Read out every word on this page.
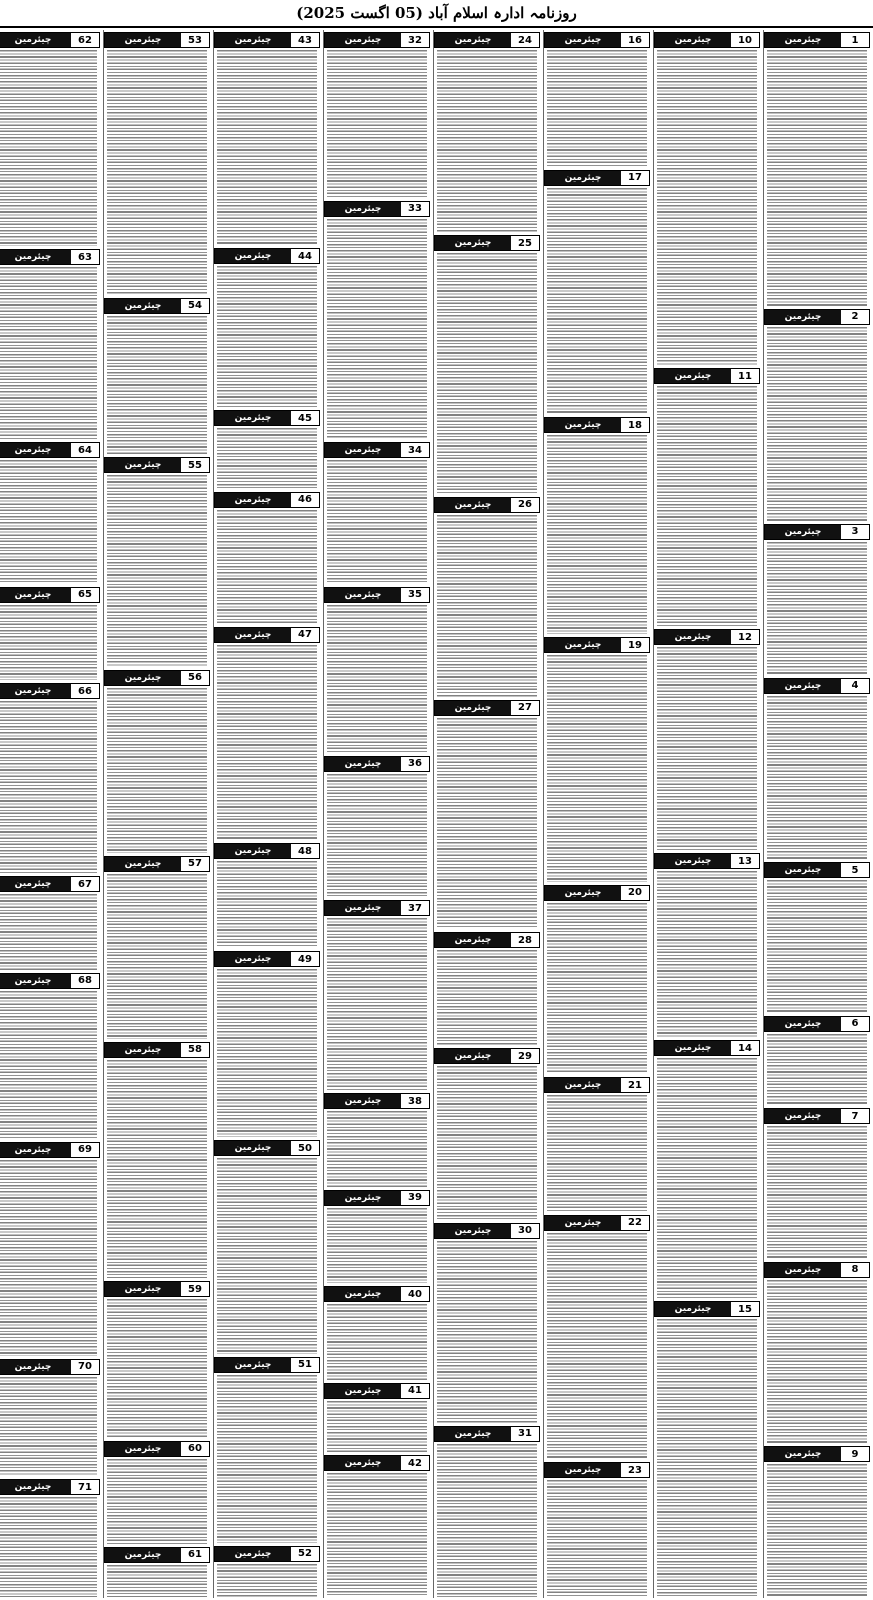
روزنامہ ادارہ اسلام آباد (05 اگست 2025)
1
چیئرمین
2
چیئرمین
3
چیئرمین
4
چیئرمین
5
چیئرمین
6
چیئرمین
7
چیئرمین
8
چیئرمین
9
چیئرمین
10
چیئرمین
11
چیئرمین
12
چیئرمین
13
چیئرمین
14
چیئرمین
15
چیئرمین
16
چیئرمین
17
چیئرمین
18
چیئرمین
19
چیئرمین
20
چیئرمین
21
چیئرمین
22
چیئرمین
23
چیئرمین
24
چیئرمین
25
چیئرمین
26
چیئرمین
27
چیئرمین
28
چیئرمین
29
چیئرمین
30
چیئرمین
31
چیئرمین
32
چیئرمین
33
چیئرمین
34
چیئرمین
35
چیئرمین
36
چیئرمین
37
چیئرمین
38
چیئرمین
39
چیئرمین
40
چیئرمین
41
چیئرمین
42
چیئرمین
43
چیئرمین
44
چیئرمین
45
چیئرمین
46
چیئرمین
47
چیئرمین
48
چیئرمین
49
چیئرمین
50
چیئرمین
51
چیئرمین
52
چیئرمین
53
چیئرمین
54
چیئرمین
55
چیئرمین
56
چیئرمین
57
چیئرمین
58
چیئرمین
59
چیئرمین
60
چیئرمین
61
چیئرمین
62
چیئرمین
63
چیئرمین
64
چیئرمین
65
چیئرمین
66
چیئرمین
67
چیئرمین
68
چیئرمین
69
چیئرمین
70
چیئرمین
71
چیئرمین
